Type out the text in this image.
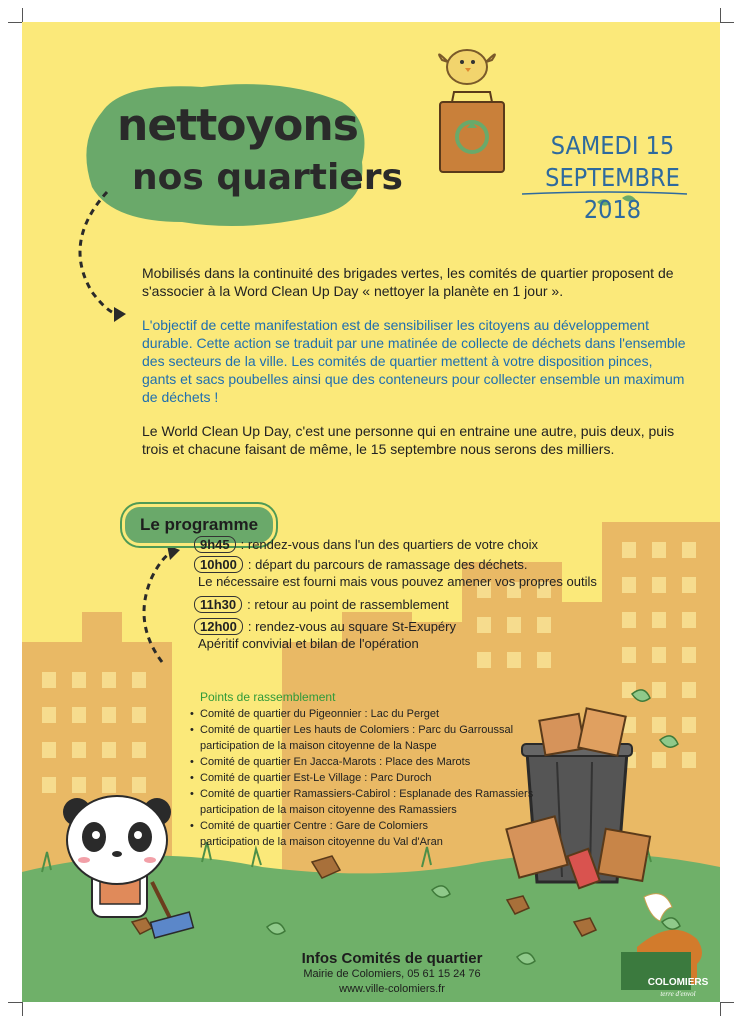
nettoyons
nos quartiers
SAMEDI 15
SEPTEMBRE 2018

Mobilisés dans la continuité des brigades vertes, les comités de quartier proposent de s'associer à la Word Clean Up Day « nettoyer la planète en 1 jour ».

L'objectif de cette manifestation est de sensibiliser les citoyens au développement durable. Cette action se traduit par une matinée de collecte de déchets dans l'ensemble des secteurs de la ville. Les comités de quartier mettent à votre disposition pinces, gants et sacs poubelles ainsi que des conteneurs pour collecter ensemble un maximum de déchets !

Le World Clean Up Day, c'est une personne qui en entraine une autre, puis deux, puis trois et chacune faisant de même, le 15 septembre nous serons des milliers.

Le programme
9h45 : rendez-vous dans l'un des quartiers de votre choix
10h00 : départ du parcours de ramassage des déchets.
Le nécessaire est fourni mais vous pouvez amener vos propres outils
11h30 : retour au point de rassemblement
12h00 : rendez-vous au square St-Exupéry
Apéritif convivial et bilan de l'opération
Points de rassemblement
• Comité de quartier du Pigeonnier : Lac du Perget
• Comité de quartier Les hauts de Colomiers : Parc du Garroussal
participation de la maison citoyenne de la Naspe
• Comité de quartier En Jacca-Marots : Place des Marots
• Comité de quartier Est-Le Village : Parc Duroch
• Comité de quartier Ramassiers-Cabirol : Esplanade des Ramassiers
participation de la maison citoyenne des Ramassiers
• Comité de quartier Centre : Gare de Colomiers
participation de la maison citoyenne du Val d'Aran
Infos Comités de quartier
Mairie de Colomiers, 05 61 15 24 76
www.ville-colomiers.fr
COLOMIERS
terre d'envol
